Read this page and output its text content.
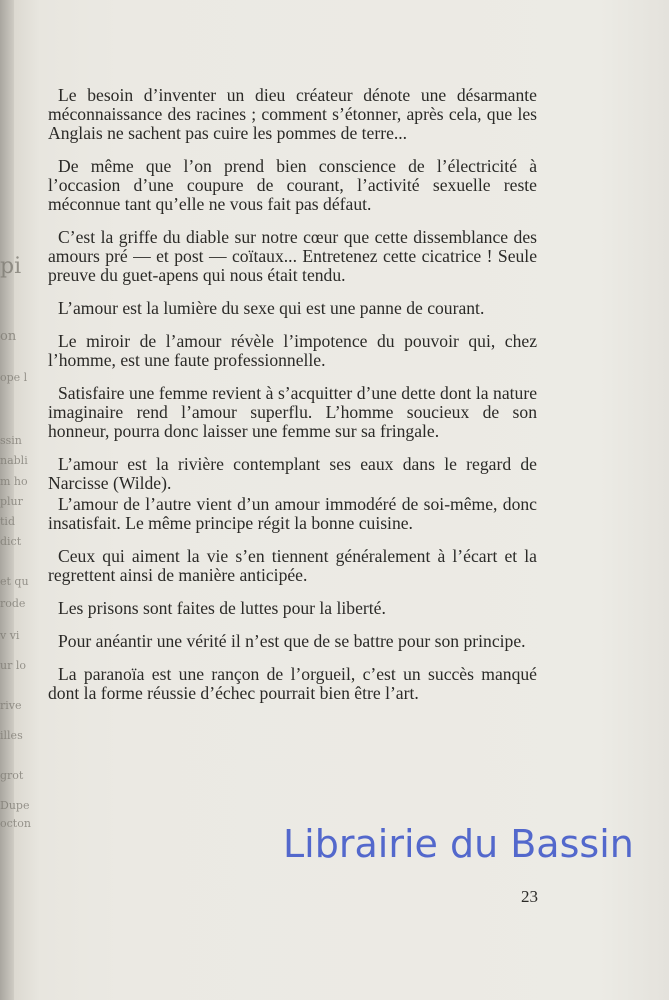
pi
on
ope l
ssin
nabli
m ho
plur
tid
dict
et qu
rode
v vi
ur lo
rive
illes
grot
Dupe
octon

Le besoin d’inventer un dieu créateur dénote une désarmante méconnaissance des racines ; comment s’étonner, après cela, que les Anglais ne sachent pas cuire les pommes de terre...

De même que l’on prend bien conscience de l’électricité à l’occasion d’une coupure de courant, l’activité sexuelle reste méconnue tant qu’elle ne vous fait pas défaut.

C’est la griffe du diable sur notre cœur que cette dissemblance des amours pré — et post — coïtaux... Entretenez cette cicatrice ! Seule preuve du guet-apens qui nous était tendu.

L’amour est la lumière du sexe qui est une panne de courant.

Le miroir de l’amour révèle l’impotence du pouvoir qui, chez l’homme, est une faute professionnelle.

Satisfaire une femme revient à s’acquitter d’une dette dont la nature imaginaire rend l’amour superflu. L’homme soucieux de son honneur, pourra donc laisser une femme sur sa fringale.

L’amour est la rivière contemplant ses eaux dans le regard de Narcisse (Wilde).

L’amour de l’autre vient d’un amour immodéré de soi-même, donc insatisfait. Le même principe régit la bonne cuisine.

Ceux qui aiment la vie s’en tiennent généralement à l’écart et la regrettent ainsi de manière anticipée.

Les prisons sont faites de luttes pour la liberté.

Pour anéantir une vérité il n’est que de se battre pour son principe.

La paranoïa est une rançon de l’orgueil, c’est un succès manqué dont la forme réussie d’échec pourrait bien être l’art.

Librairie du Bassin
23
